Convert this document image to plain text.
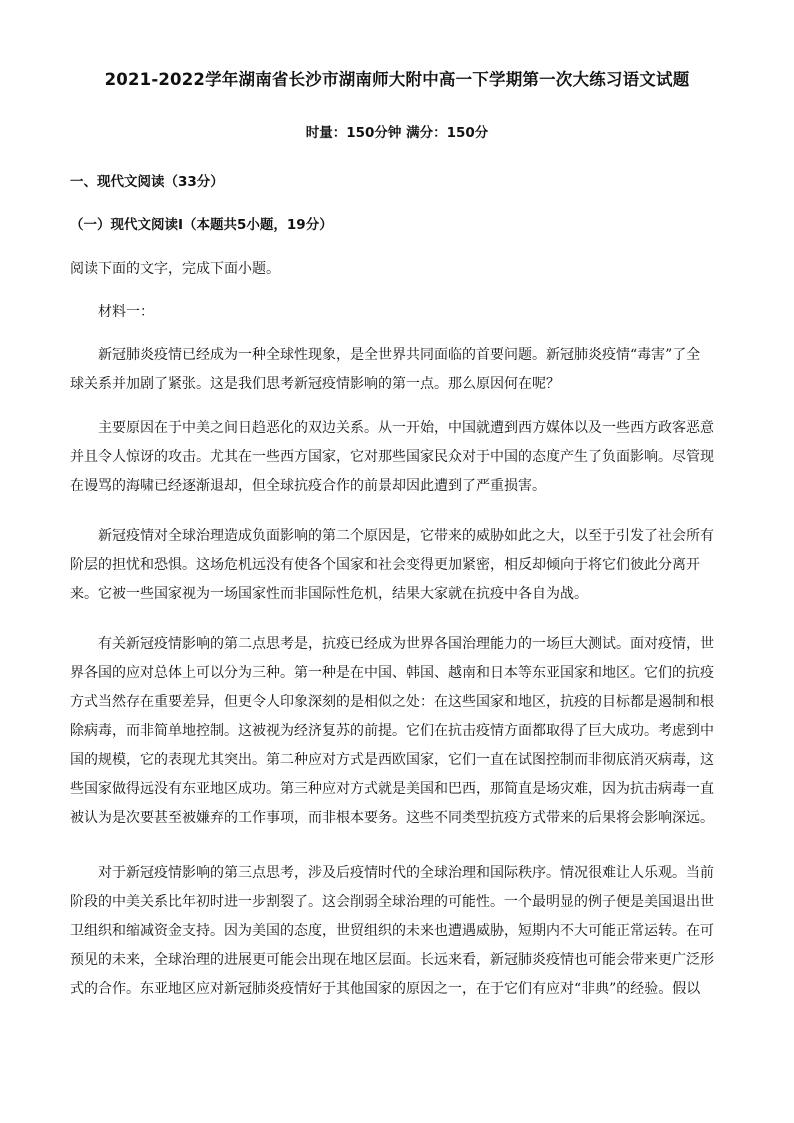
2021-2022学年湖南省长沙市湖南师大附中高一下学期第一次大练习语文试题
时量：150分钟 满分：150分
一、现代文阅读（33分）
（一）现代文阅读Ⅰ（本题共5小题，19分）
阅读下面的文字，完成下面小题。
材料一：
新冠肺炎疫情已经成为一种全球性现象，是全世界共同面临的首要问题。新冠肺炎疫情“毒害”了全
球关系并加剧了紧张。这是我们思考新冠疫情影响的第一点。那么原因何在呢？
主要原因在于中美之间日趋恶化的双边关系。从一开始，中国就遭到西方媒体以及一些西方政客恶意
并且令人惊讶的攻击。尤其在一些西方国家，它对那些国家民众对于中国的态度产生了负面影响。尽管现
在谩骂的海啸已经逐渐退却，但全球抗疫合作的前景却因此遭到了严重损害。
新冠疫情对全球治理造成负面影响的第二个原因是，它带来的威胁如此之大，以至于引发了社会所有
阶层的担忧和恐惧。这场危机远没有使各个国家和社会变得更加紧密，相反却倾向于将它们彼此分离开
来。它被一些国家视为一场国家性而非国际性危机，结果大家就在抗疫中各自为战。
有关新冠疫情影响的第二点思考是，抗疫已经成为世界各国治理能力的一场巨大测试。面对疫情，世
界各国的应对总体上可以分为三种。第一种是在中国、韩国、越南和日本等东亚国家和地区。它们的抗疫
方式当然存在重要差异，但更令人印象深刻的是相似之处：在这些国家和地区，抗疫的目标都是遏制和根
除病毒，而非简单地控制。这被视为经济复苏的前提。它们在抗击疫情方面都取得了巨大成功。考虑到中
国的规模，它的表现尤其突出。第二种应对方式是西欧国家，它们一直在试图控制而非彻底消灭病毒，这
些国家做得远没有东亚地区成功。第三种应对方式就是美国和巴西，那简直是场灾难，因为抗击病毒一直
被认为是次要甚至被嫌弃的工作事项，而非根本要务。这些不同类型抗疫方式带来的后果将会影响深远。
对于新冠疫情影响的第三点思考，涉及后疫情时代的全球治理和国际秩序。情况很难让人乐观。当前
阶段的中美关系比年初时进一步割裂了。这会削弱全球治理的可能性。一个最明显的例子便是美国退出世
卫组织和缩减资金支持。因为美国的态度，世贸组织的未来也遭遇威胁，短期内不大可能正常运转。在可
预见的未来，全球治理的进展更可能会出现在地区层面。长远来看，新冠肺炎疫情也可能会带来更广泛形
式的合作。东亚地区应对新冠肺炎疫情好于其他国家的原因之一，在于它们有应对“非典”的经验。假以
